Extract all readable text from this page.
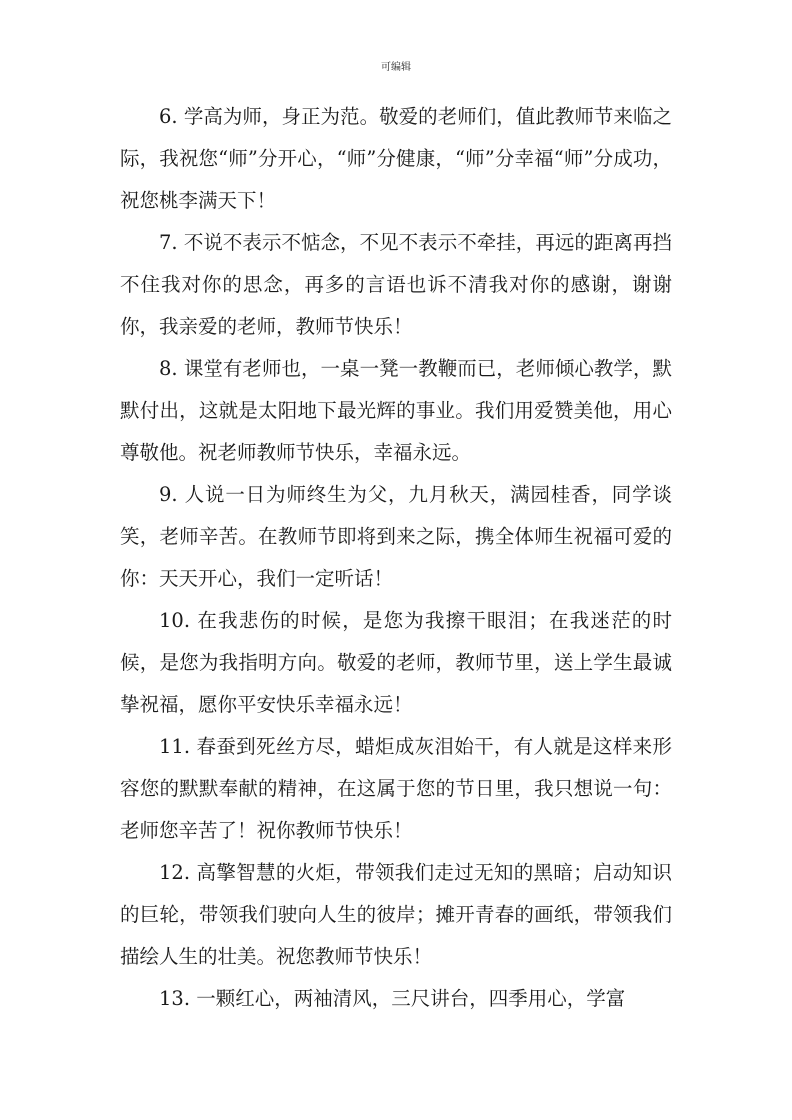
可编辑

6. 学高为师，身正为范。敬爱的老师们，值此教师节来临之际，我祝您“师”分开心，“师”分健康，“师”分幸福“师”分成功，祝您桃李满天下！

7. 不说不表示不惦念，不见不表示不牵挂，再远的距离再挡不住我对你的思念，再多的言语也诉不清我对你的感谢，谢谢你，我亲爱的老师，教师节快乐！

8. 课堂有老师也，一桌一凳一教鞭而已，老师倾心教学，默默付出，这就是太阳地下最光辉的事业。我们用爱赞美他，用心尊敬他。祝老师教师节快乐，幸福永远。

9. 人说一日为师终生为父，九月秋天，满园桂香，同学谈笑，老师辛苦。在教师节即将到来之际，携全体师生祝福可爱的你：天天开心，我们一定听话！

10. 在我悲伤的时候，是您为我擦干眼泪；在我迷茫的时候，是您为我指明方向。敬爱的老师，教师节里，送上学生最诚挚祝福，愿你平安快乐幸福永远！

11. 春蚕到死丝方尽，蜡炬成灰泪始干，有人就是这样来形容您的默默奉献的精神，在这属于您的节日里，我只想说一句：老师您辛苦了！祝你教师节快乐！

12. 高擎智慧的火炬，带领我们走过无知的黑暗；启动知识的巨轮，带领我们驶向人生的彼岸；摊开青春的画纸，带领我们描绘人生的壮美。祝您教师节快乐！

13. 一颗红心，两袖清风，三尺讲台，四季用心，学富
